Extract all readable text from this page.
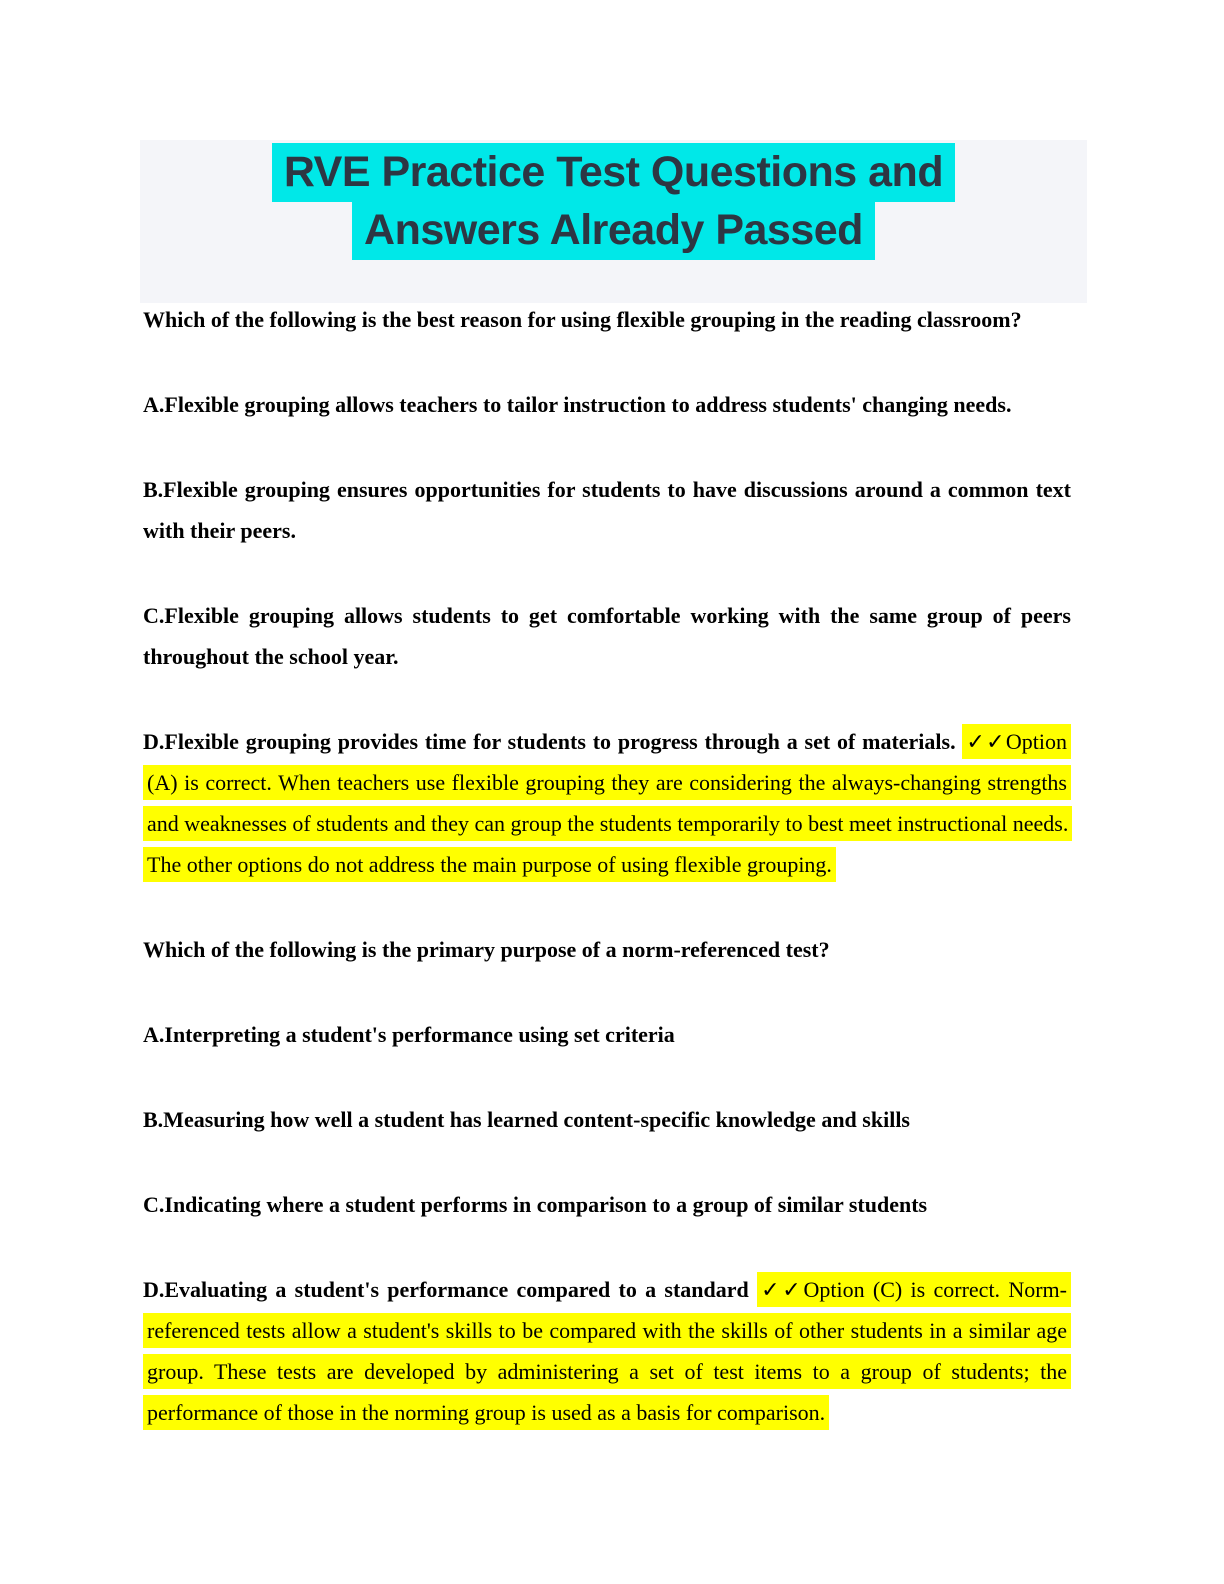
RVE Practice Test Questions and
Answers Already Passed

Which of the following is the best reason for using flexible grouping in the reading classroom?

A.Flexible grouping allows teachers to tailor instruction to address students' changing needs.

B.Flexible grouping ensures opportunities for students to have discussions around a common text with their peers.

C.Flexible grouping allows students to get comfortable working with the same group of peers throughout the school year.

D.Flexible grouping provides time for students to progress through a set of materials. ✓✓Option (A) is correct. When teachers use flexible grouping they are considering the always-changing strengths and weaknesses of students and they can group the students temporarily to best meet instructional needs. The other options do not address the main purpose of using flexible grouping.

Which of the following is the primary purpose of a norm-referenced test?

A.Interpreting a student's performance using set criteria

B.Measuring how well a student has learned content-specific knowledge and skills

C.Indicating where a student performs in comparison to a group of similar students

D.Evaluating a student's performance compared to a standard ✓✓Option (C) is correct. Norm-referenced tests allow a student's skills to be compared with the skills of other students in a similar age group. These tests are developed by administering a set of test items to a group of students; the performance of those in the norming group is used as a basis for comparison.
